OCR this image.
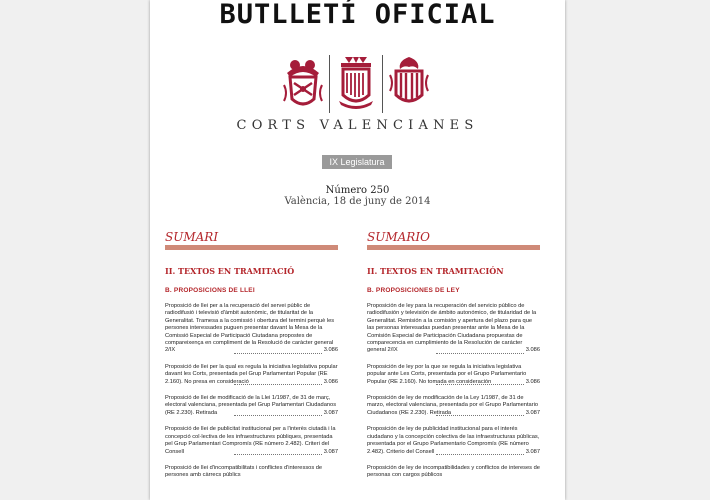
BUTLLETÍ OFICIAL
CORTS VALENCIANES
IX Legislatura
Número 250
València, 18 de juny de 2014
SUMARI
II. TEXTOS EN TRAMITACIÓ
B. PROPOSICIONS DE LLEI
Proposició de llei per a la recuperació del servei públic de radiodifusió i televisió d'àmbit autonòmic, de titularitat de la Generalitat. Tramesa a la comissió i obertura del termini perquè les persones interessades puguen presentar davant la Mesa de la Comissió Especial de Participació Ciutadana propostes de compareixença en compliment de la Resolució de caràcter general 2/IX	3.086
Proposició de llei per la qual es regula la iniciativa legislativa popular davant les Corts, presentada pel Grup Parlamentari Popular (RE 2.160). No presa en consideració	3.086
Proposició de llei de modificació de la Llei 1/1987, de 31 de març, electoral valenciana, presentada pel Grup Parlamentari Ciudadanos (RE 2.230). Retirada	3.087
Proposició de llei de publicitat institucional per a l'interès ciutadà i la concepció col·lectiva de les infraestructures públiques, presentada pel Grup Parlamentari Compromís (RE número 2.482). Criteri del Consell	3.087
Proposició de llei d'incompatibilitats i conflictes d'interessos de persones amb càrrecs públics
SUMARIO
II. TEXTOS EN TRAMITACIÓN
B. PROPOSICIONES DE LEY
Proposición de ley para la recuperación del servicio público de radiodifusión y televisión de ámbito autonómico, de titularidad de la Generalitat. Remisión a la comisión y apertura del plazo para que las personas interesadas puedan presentar ante la Mesa de la Comisión Especial de Participación Ciudadana propuestas de comparecencia en cumplimiento de la Resolución de carácter general 2/IX	3.086
Proposición de ley por la que se regula la iniciativa legislativa popular ante Les Corts, presentada por el Grupo Parlamentario Popular (RE 2.160). No tomada en consideración	3.086
Proposición de ley de modificación de la Ley 1/1987, de 31 de marzo, electoral valenciana, presentada por el Grupo Parlamentario Ciudadanos (RE 2.230). Retirada	3.087
Proposición de ley de publicidad institucional para el interés ciudadano y la concepción colectiva de las infraestructuras públicas, presentada por el Grupo Parlamentario Compromís (RE número 2.482). Criterio del Consell	3.087
Proposición de ley de incompatibilidades y conflictos de intereses de personas con cargos públicos
